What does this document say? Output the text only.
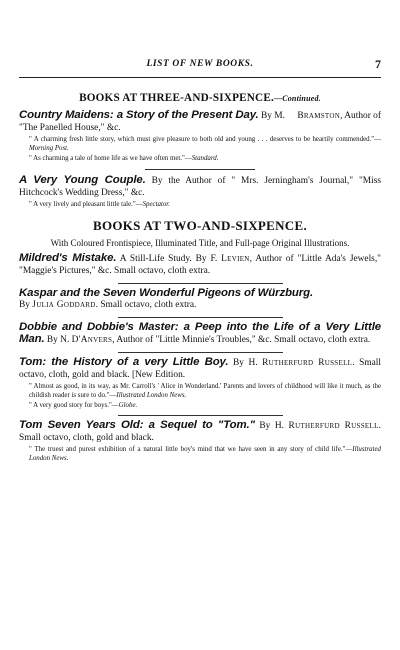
LIST OF NEW BOOKS.	7
BOOKS AT THREE-AND-SIXPENCE.—Continued.
Country Maidens: a Story of the Present Day. By M. Bramston, Author of "The Panelled House," &c.
" A charming fresh little story, which must give pleasure to both old and young . . . deserves to be heartily commended."—Morning Post.
" As charming a tale of home life as we have often met."—Standard.
A Very Young Couple. By the Author of " Mrs. Jerningham's Journal," "Miss Hitchcock's Wedding Dress," &c.
" A very lively and pleasant little tale."—Spectator.
BOOKS AT TWO-AND-SIXPENCE.
With Coloured Frontispiece, Illuminated Title, and Full-page Original Illustrations.
Mildred's Mistake. A Still-Life Study. By F. Levien, Author of "Little Ada's Jewels," "Maggie's Pictures," &c. Small octavo, cloth extra.
Kaspar and the Seven Wonderful Pigeons of Würzburg.
By Julia Goddard. Small octavo, cloth extra.
Dobbie and Dobbie's Master: a Peep into the Life of a Very Little Man. By N. D'Anvers, Author of "Little Minnie's Troubles," &c. Small octavo, cloth extra.
Tom: the History of a very Little Boy. By H. Rutherfurd Russell. Small octavo, cloth, gold and black. [New Edition.
" Almost as good, in its way, as Mr. Carroll's ' Alice in Wonderland.' Parents and lovers of childhood will like it much, as the childish reader is sure to do."—Illustrated London News.
" A very good story for boys."—Globe.
Tom Seven Years Old: a Sequel to "Tom." By H. Rutherfurd Russell. Small octavo, cloth, gold and black.
" The truest and purest exhibition of a natural little boy's mind that we have seen in any story of child life."—Illustrated London News.
